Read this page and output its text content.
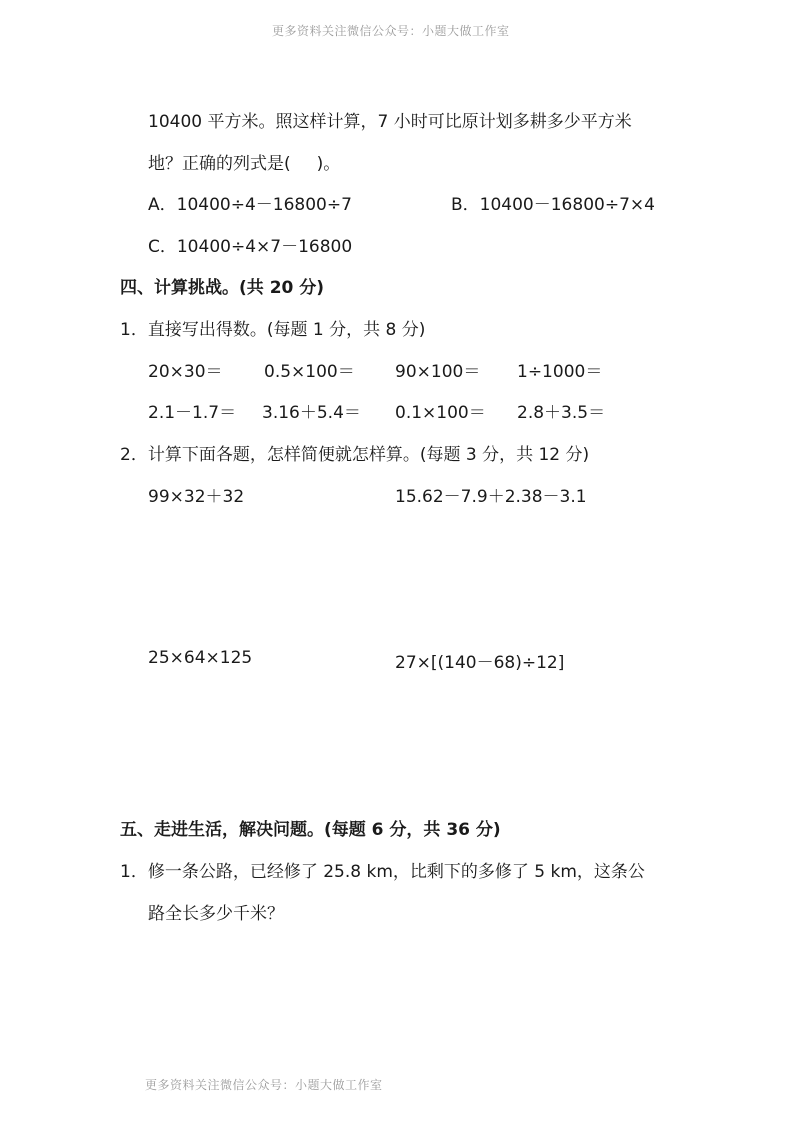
更多资料关注微信公众号：小题大做工作室
10400 平方米。照这样计算，7 小时可比原计划多耕多少平方米
地？正确的列式是( )。
A．10400÷4－16800÷7	B．10400－16800÷7×4
C．10400÷4×7－16800
四、计算挑战。(共 20 分)
1．直接写出得数。(每题 1 分，共 8 分)
20×30＝ 0.5×100＝ 90×100＝ 1÷1000＝
2.1－1.7＝ 3.16＋5.4＝ 0.1×100＝ 2.8＋3.5＝
2．计算下面各题，怎样简便就怎样算。(每题 3 分，共 12 分)
99×32＋32	15.62－7.9＋2.38－3.1
25×64×125	27×[(140－68)÷12]
五、走进生活，解决问题。(每题 6 分，共 36 分)
1．修一条公路，已经修了 25.8 km，比剩下的多修了 5 km，这条公
路全长多少千米？
更多资料关注微信公众号：小题大做工作室
